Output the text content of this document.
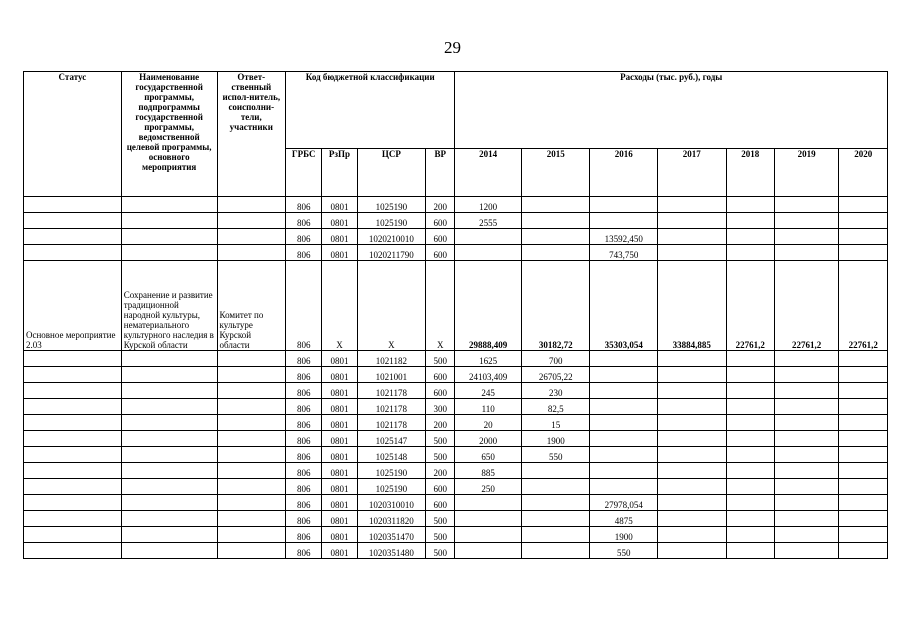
29
Статус	Наименование государственной программы, подпрограммы государственной программы, ведомственной целевой программы, основного мероприятия	Ответ-ственный испол-нитель, соисполни-тели, участники	Код бюджетной классификации				Расходы (тыс. руб.), годы						
			ГРБС	РзПр	ЦСР	ВР	2014	2015	2016	2017	2018	2019	2020
			806	0801	1025190	200	1200						
			806	0801	1025190	600	2555						
			806	0801	1020210010	600			13592,450				
			806	0801	1020211790	600			743,750				
Основное мероприятие 2.03	Сохранение и развитие традиционной народной культуры, нематериального культурного наследия в Курской области	Комитет по культуре Курской области	806	X	X	X	29888,409	30182,72	35303,054	33884,885	22761,2	22761,2	22761,2
			806	0801	1021182	500	1625	700					
			806	0801	1021001	600	24103,409	26705,22					
			806	0801	1021178	600	245	230					
			806	0801	1021178	300	110	82,5					
			806	0801	1021178	200	20	15					
			806	0801	1025147	500	2000	1900					
			806	0801	1025148	500	650	550					
			806	0801	1025190	200	885						
			806	0801	1025190	600	250						
			806	0801	1020310010	600			27978,054				
			806	0801	1020311820	500			4875				
			806	0801	1020351470	500			1900				
			806	0801	1020351480	500			550				
